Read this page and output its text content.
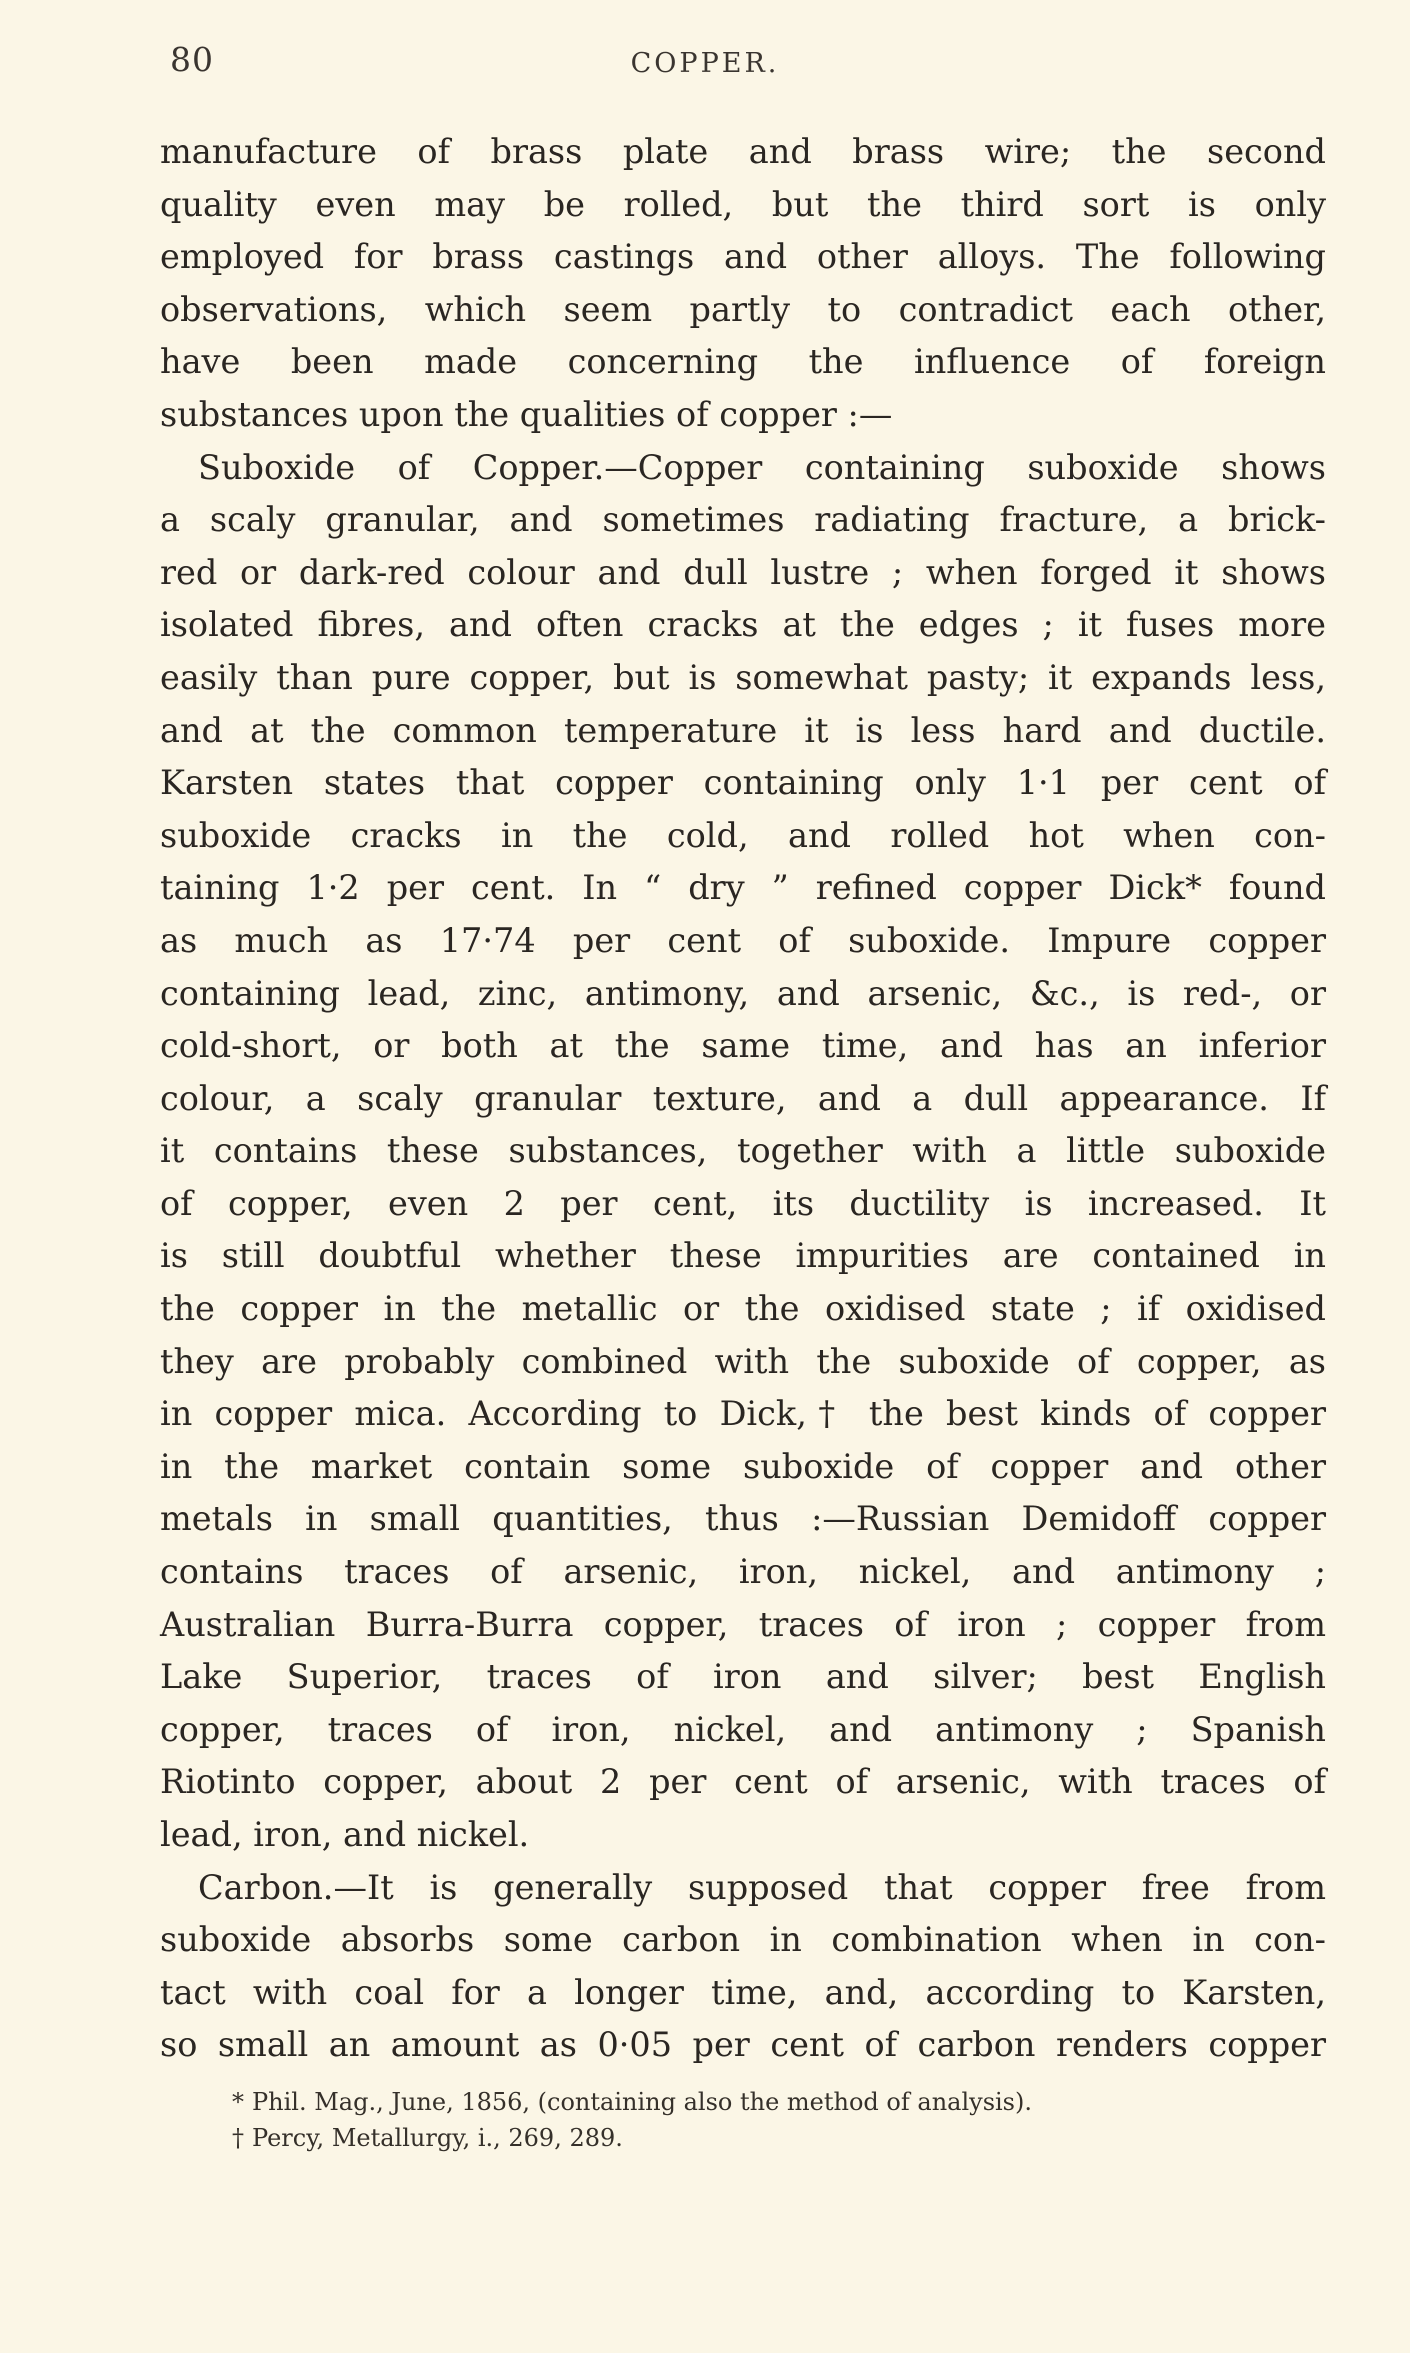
80	COPPER.

manufacture of brass plate and brass wire; the second

quality even may be rolled, but the third sort is only

employed for brass castings and other alloys. The following

observations, which seem partly to contradict each other,

have been made concerning the influence of foreign

substances upon the qualities of copper :—

Suboxide of Copper.—Copper containing suboxide shows

a scaly granular, and sometimes radiating fracture, a brick-

red or dark-red colour and dull lustre ; when forged it shows

isolated fibres, and often cracks at the edges ; it fuses more

easily than pure copper, but is somewhat pasty; it expands less,

and at the common temperature it is less hard and ductile.

Karsten states that copper containing only 1·1 per cent of

suboxide cracks in the cold, and rolled hot when con-

taining 1·2 per cent. In “ dry ” refined copper Dick* found

as much as 17·74 per cent of suboxide. Impure copper

containing lead, zinc, antimony, and arsenic, &c., is red-, or

cold-short, or both at the same time, and has an inferior

colour, a scaly granular texture, and a dull appearance. If

it contains these substances, together with a little suboxide

of copper, even 2 per cent, its ductility is increased. It

is still doubtful whether these impurities are contained in

the copper in the metallic or the oxidised state ; if oxidised

they are probably combined with the suboxide of copper, as

in copper mica. According to Dick,† the best kinds of copper

in the market contain some suboxide of copper and other

metals in small quantities, thus :—Russian Demidoff copper

contains traces of arsenic, iron, nickel, and antimony ;

Australian Burra-Burra copper, traces of iron ; copper from

Lake Superior, traces of iron and silver; best English

copper, traces of iron, nickel, and antimony ; Spanish

Riotinto copper, about 2 per cent of arsenic, with traces of

lead, iron, and nickel.

Carbon.—It is generally supposed that copper free from

suboxide absorbs some carbon in combination when in con-

tact with coal for a longer time, and, according to Karsten,

so small an amount as 0·05 per cent of carbon renders copper

* Phil. Mag., June, 1856, (containing also the method of analysis).

† Percy, Metallurgy, i., 269, 289.
